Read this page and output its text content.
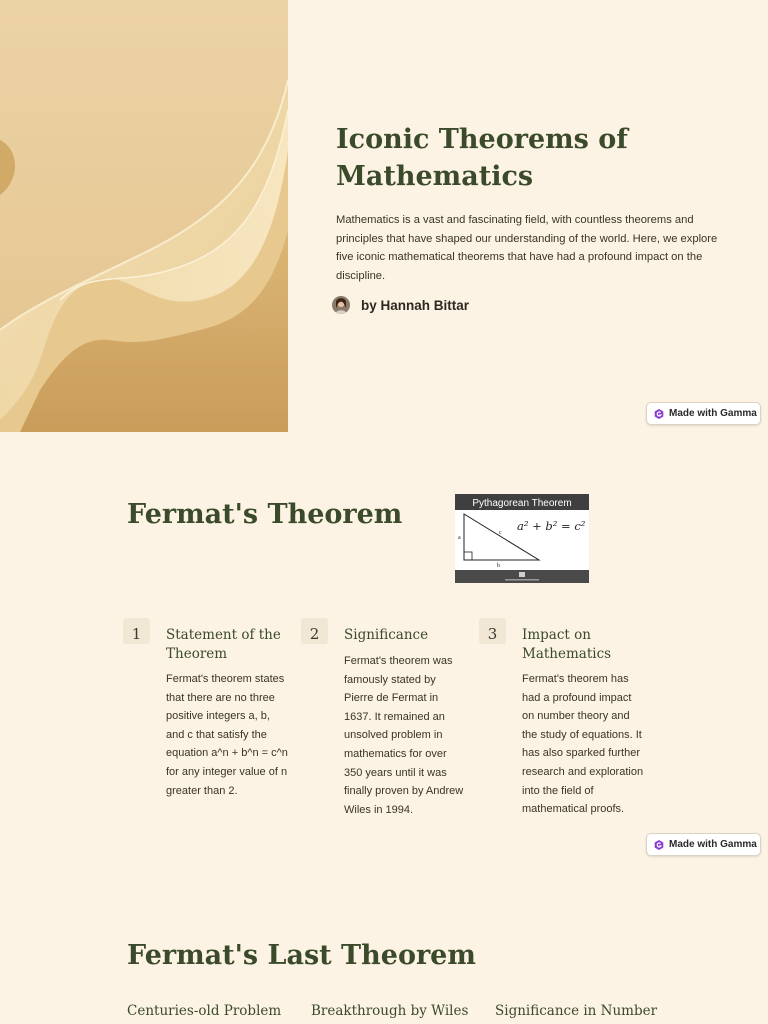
Iconic Theorems of Mathematics

Mathematics is a vast and fascinating field, with countless theorems and principles that have shaped our understanding of the world. Here, we explore five iconic mathematical theorems that have had a profound impact on the discipline.

by Hannah Bittar
Made with Gamma
Fermat's Theorem	Pythagorean Theorem
a
b
c a² + b² = c²
1	Statement of the Theorem
Fermat's theorem states that there are no three positive integers a, b, and c that satisfy the equation a^n + b^n = c^n for any integer value of n greater than 2.
2	Significance
Fermat's theorem was famously stated by Pierre de Fermat in 1637. It remained an unsolved problem in mathematics for over 350 years until it was finally proven by Andrew Wiles in 1994.
3	Impact on Mathematics
Fermat's theorem has had a profound impact on number theory and the study of equations. It has also sparked further research and exploration into the field of mathematical proofs.
Made with Gamma
Fermat's Last Theorem
Centuries-old Problem Breakthrough by Wiles Significance in Number
